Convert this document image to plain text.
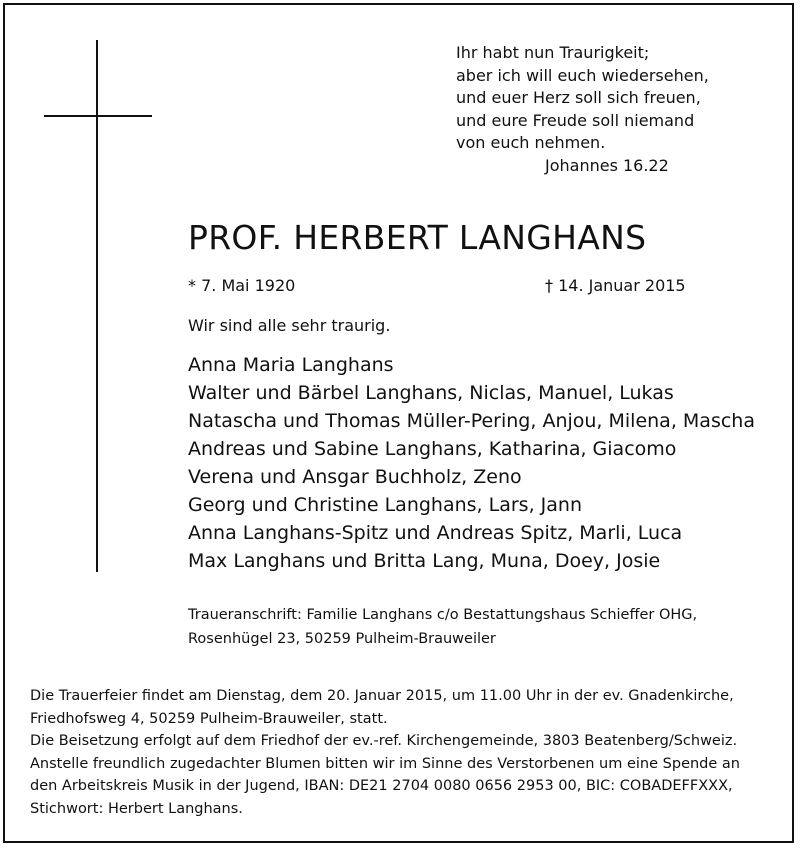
Ihr habt nun Traurigkeit;
aber ich will euch wiedersehen,
und euer Herz soll sich freuen,
und eure Freude soll niemand
von euch nehmen.
Johannes 16.22
PROF. HERBERT LANGHANS
* 7. Mai 1920	† 14. Januar 2015
Wir sind alle sehr traurig.
Anna Maria Langhans
Walter und Bärbel Langhans, Niclas, Manuel, Lukas
Natascha und Thomas Müller-Pering, Anjou, Milena, Mascha
Andreas und Sabine Langhans, Katharina, Giacomo
Verena und Ansgar Buchholz, Zeno
Georg und Christine Langhans, Lars, Jann
Anna Langhans-Spitz und Andreas Spitz, Marli, Luca
Max Langhans und Britta Lang, Muna, Doey, Josie
Traueranschrift: Familie Langhans c/o Bestattungshaus Schieffer OHG,
Rosenhügel 23, 50259 Pulheim-Brauweiler
Die Trauerfeier findet am Dienstag, dem 20. Januar 2015, um 11.00 Uhr in der ev. Gnadenkirche,
Friedhofsweg 4, 50259 Pulheim-Brauweiler, statt.
Die Beisetzung erfolgt auf dem Friedhof der ev.-ref. Kirchengemeinde, 3803 Beatenberg/Schweiz.
Anstelle freundlich zugedachter Blumen bitten wir im Sinne des Verstorbenen um eine Spende an
den Arbeitskreis Musik in der Jugend, IBAN: DE21 2704 0080 0656 2953 00, BIC: COBADEFFXXX,
Stichwort: Herbert Langhans.
